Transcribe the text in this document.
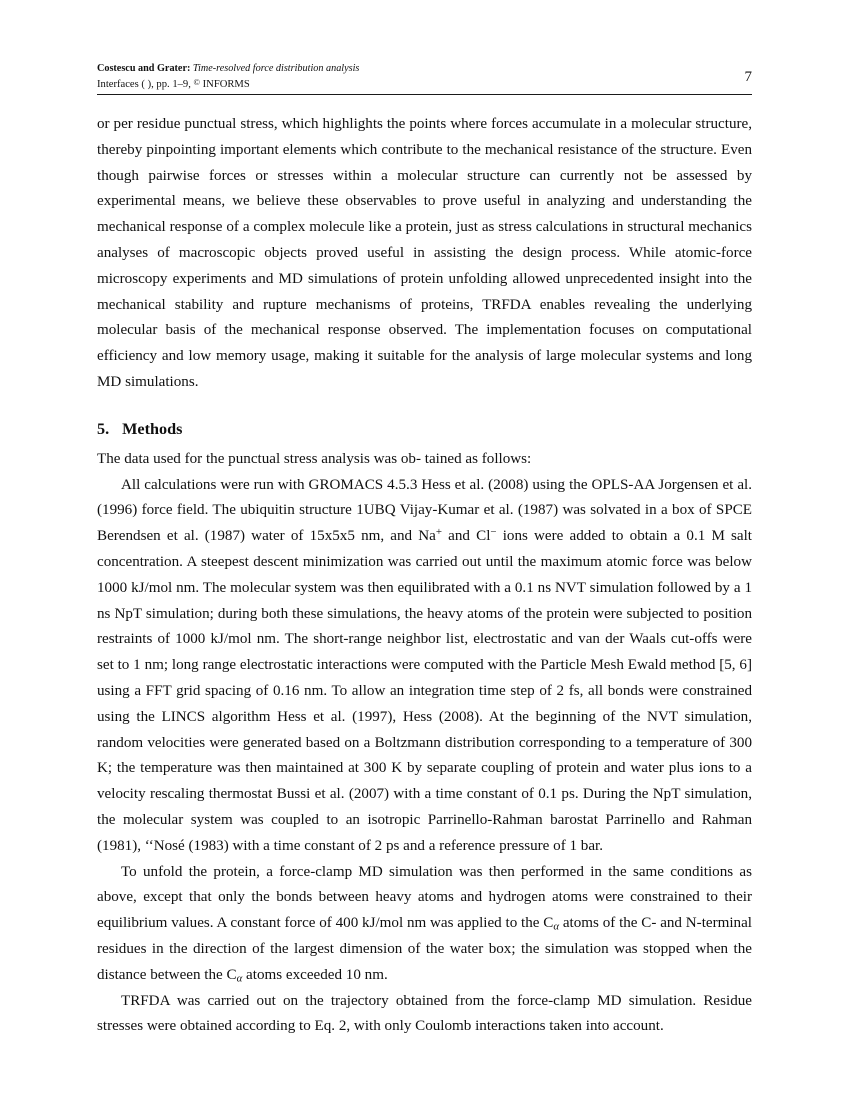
Costescu and Grater: Time-resolved force distribution analysis
Interfaces ( ), pp. 1–9, © INFORMS	7

or per residue punctual stress, which highlights the points where forces accumulate in a molecular structure, thereby pinpointing important elements which contribute to the mechanical resistance of the structure. Even though pairwise forces or stresses within a molecular structure can currently not be assessed by experimental means, we believe these observables to prove useful in analyzing and understanding the mechanical response of a complex molecule like a protein, just as stress calculations in structural mechanics analyses of macroscopic objects proved useful in assisting the design process. While atomic-force microscopy experiments and MD simulations of protein unfolding allowed unprecedented insight into the mechanical stability and rupture mechanisms of proteins, TRFDA enables revealing the underlying molecular basis of the mechanical response observed. The implementation focuses on computational efficiency and low memory usage, making it suitable for the analysis of large molecular systems and long MD simulations.

5. Methods

The data used for the punctual stress analysis was ob- tained as follows:

All calculations were run with GROMACS 4.5.3 Hess et al. (2008) using the OPLS-AA Jorgensen et al. (1996) force field. The ubiquitin structure 1UBQ Vijay-Kumar et al. (1987) was solvated in a box of SPCE Berendsen et al. (1987) water of 15x5x5 nm, and Na+ and Cl− ions were added to obtain a 0.1 M salt concentration. A steepest descent minimization was carried out until the maximum atomic force was below 1000 kJ/mol nm. The molecular system was then equilibrated with a 0.1 ns NVT simulation followed by a 1 ns NpT simulation; during both these simulations, the heavy atoms of the protein were subjected to position restraints of 1000 kJ/mol nm. The short-range neighbor list, electrostatic and van der Waals cut-offs were set to 1 nm; long range electrostatic interactions were computed with the Particle Mesh Ewald method [5, 6] using a FFT grid spacing of 0.16 nm. To allow an integration time step of 2 fs, all bonds were constrained using the LINCS algorithm Hess et al. (1997), Hess (2008). At the beginning of the NVT simulation, random velocities were generated based on a Boltzmann distribution corresponding to a temperature of 300 K; the temperature was then maintained at 300 K by separate coupling of protein and water plus ions to a velocity rescaling thermostat Bussi et al. (2007) with a time constant of 0.1 ps. During the NpT simulation, the molecular system was coupled to an isotropic Parrinello-Rahman barostat Parrinello and Rahman (1981), ‘‘Nosé (1983) with a time constant of 2 ps and a reference pressure of 1 bar.

To unfold the protein, a force-clamp MD simulation was then performed in the same conditions as above, except that only the bonds between heavy atoms and hydrogen atoms were constrained to their equilibrium values. A constant force of 400 kJ/mol nm was applied to the $C_\alpha$ atoms of the C- and N-terminal residues in the direction of the largest dimension of the water box; the simulation was stopped when the distance between the $C_\alpha$ atoms exceeded 10 nm.

TRFDA was carried out on the trajectory obtained from the force-clamp MD simulation. Residue stresses were obtained according to Eq. 2, with only Coulomb interactions taken into account.
